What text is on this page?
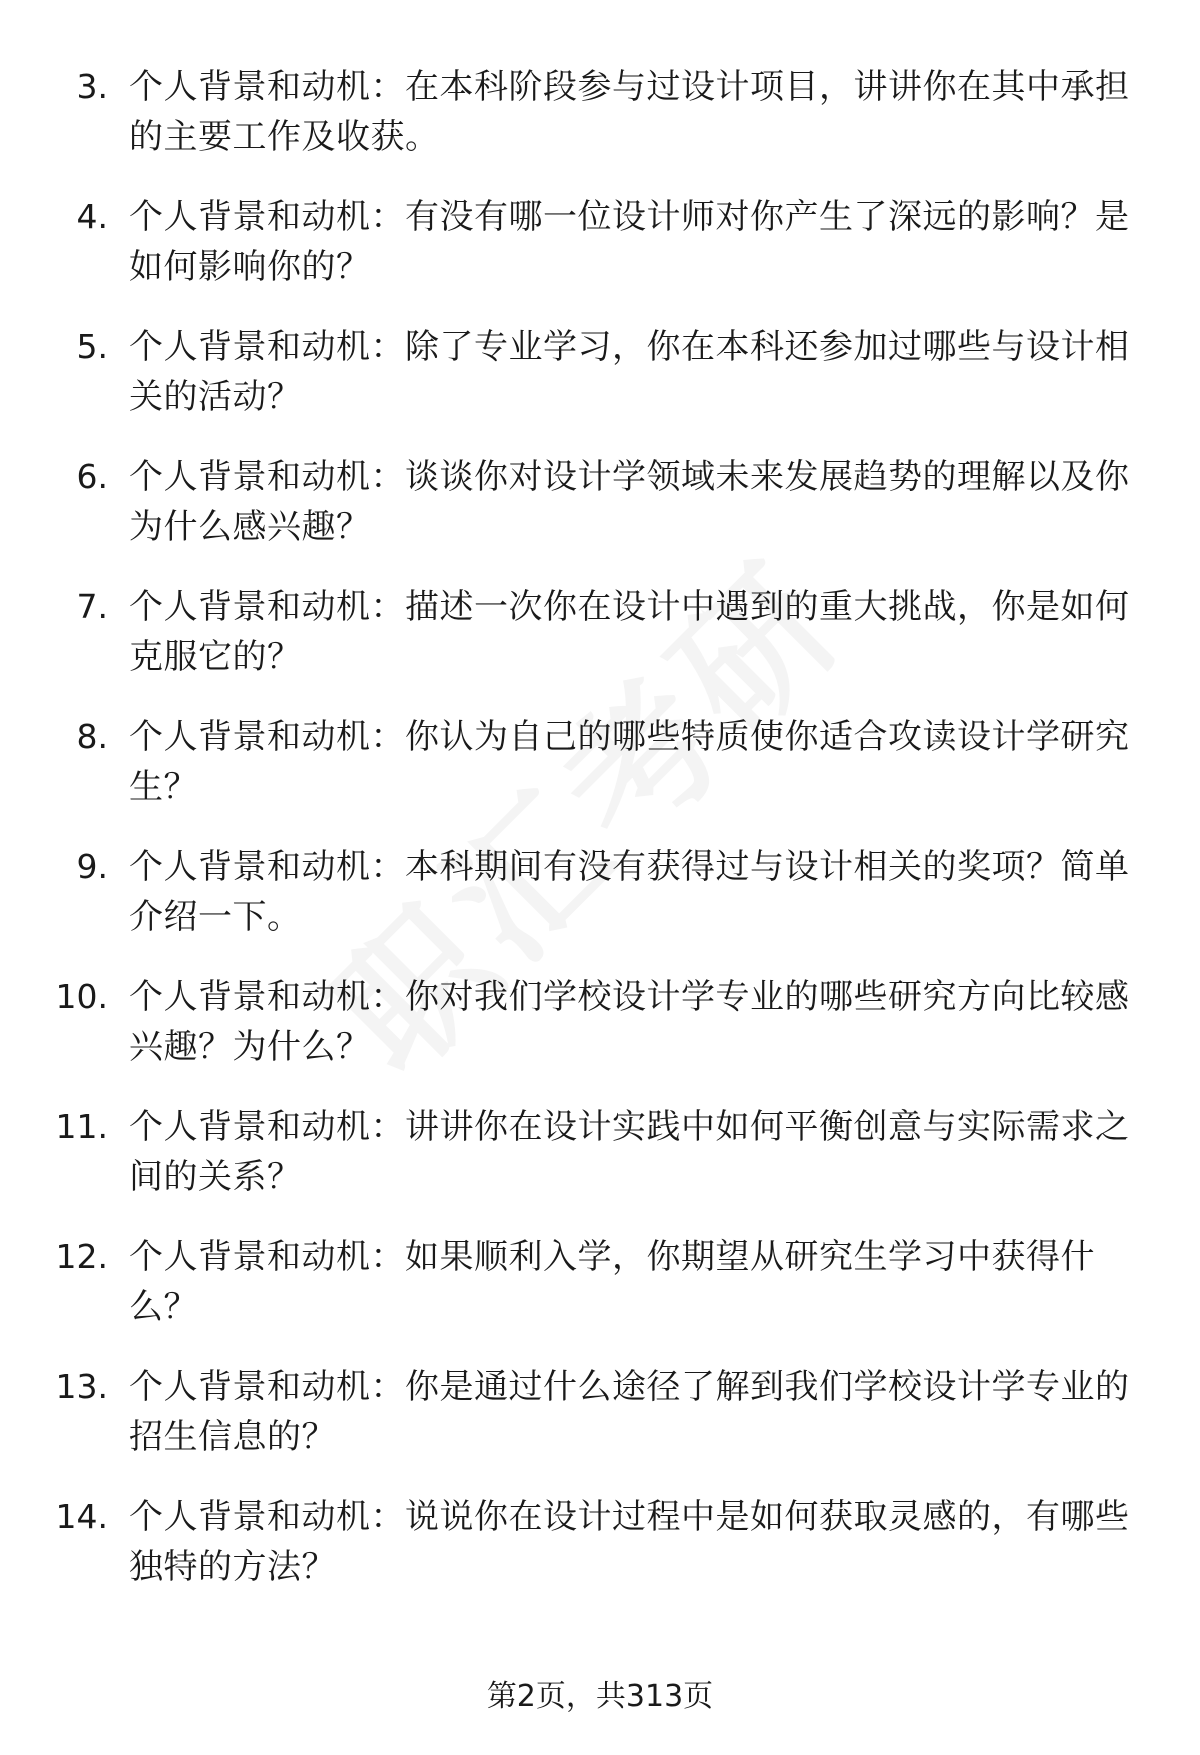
3. 个人背景和动机：在本科阶段参与过设计项目，讲讲你在其中承担的主要工作及收获。
4. 个人背景和动机：有没有哪一位设计师对你产生了深远的影响？是如何影响你的？
5. 个人背景和动机：除了专业学习，你在本科还参加过哪些与设计相关的活动？
6. 个人背景和动机：谈谈你对设计学领域未来发展趋势的理解以及你为什么感兴趣？
7. 个人背景和动机：描述一次你在设计中遇到的重大挑战，你是如何克服它的？
8. 个人背景和动机：你认为自己的哪些特质使你适合攻读设计学研究生？
9. 个人背景和动机：本科期间有没有获得过与设计相关的奖项？简单介绍一下。
10. 个人背景和动机：你对我们学校设计学专业的哪些研究方向比较感兴趣？为什么？
11. 个人背景和动机：讲讲你在设计实践中如何平衡创意与实际需求之间的关系？
12. 个人背景和动机：如果顺利入学，你期望从研究生学习中获得什么？
13. 个人背景和动机：你是通过什么途径了解到我们学校设计学专业的招生信息的？
14. 个人背景和动机：说说你在设计过程中是如何获取灵感的，有哪些独特的方法？
第2页，共313页
